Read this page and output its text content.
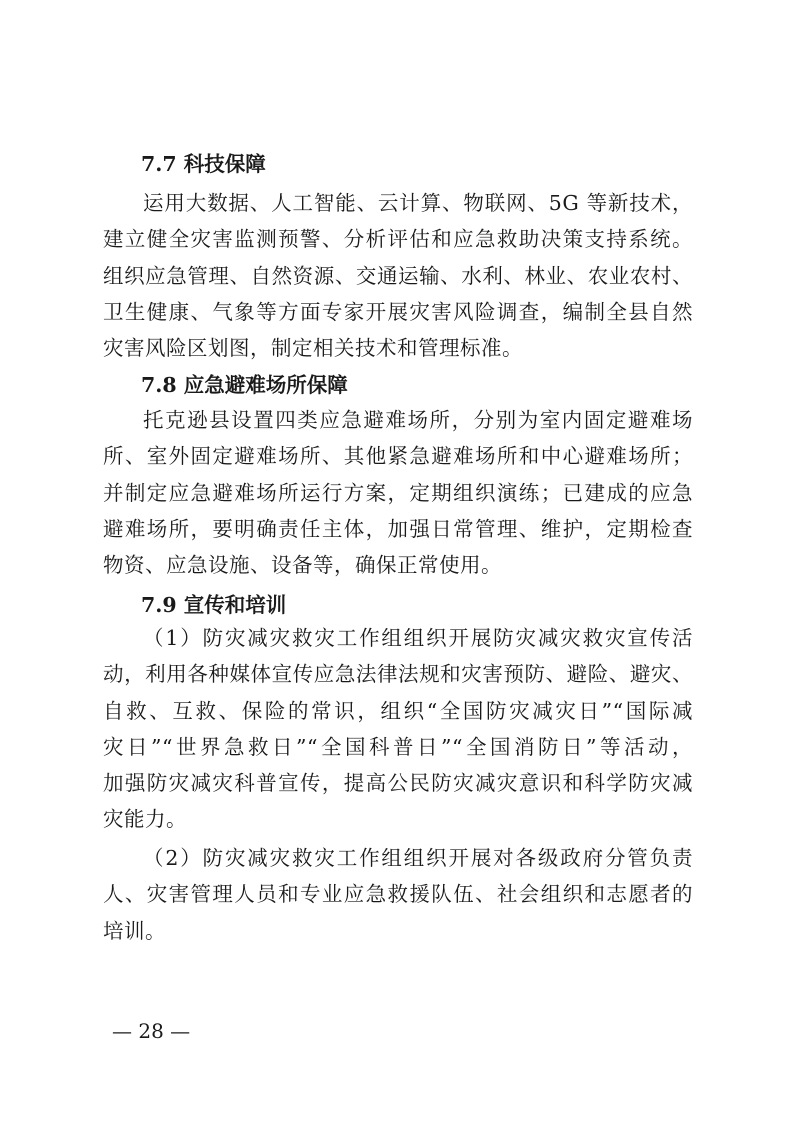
7.7 科技保障
运用大数据、人工智能、云计算、物联网、5G 等新技术，
建立健全灾害监测预警、分析评估和应急救助决策支持系统。
组织应急管理、自然资源、交通运输、水利、林业、农业农村、
卫生健康、气象等方面专家开展灾害风险调查，编制全县自然
灾害风险区划图，制定相关技术和管理标准。
7.8 应急避难场所保障
托克逊县设置四类应急避难场所，分别为室内固定避难场
所、室外固定避难场所、其他紧急避难场所和中心避难场所；
并制定应急避难场所运行方案，定期组织演练；已建成的应急
避难场所，要明确责任主体，加强日常管理、维护，定期检查
物资、应急设施、设备等，确保正常使用。
7.9 宣传和培训
（1）防灾减灾救灾工作组组织开展防灾减灾救灾宣传活
动，利用各种媒体宣传应急法律法规和灾害预防、避险、避灾、
自救、互救、保险的常识，组织“全国防灾减灾日”“国际减
灾日”“世界急救日”“全国科普日”“全国消防日”等活动，
加强防灾减灾科普宣传，提高公民防灾减灾意识和科学防灾减
灾能力。
（2）防灾减灾救灾工作组组织开展对各级政府分管负责
人、灾害管理人员和专业应急救援队伍、社会组织和志愿者的
培训。
— 28 —
